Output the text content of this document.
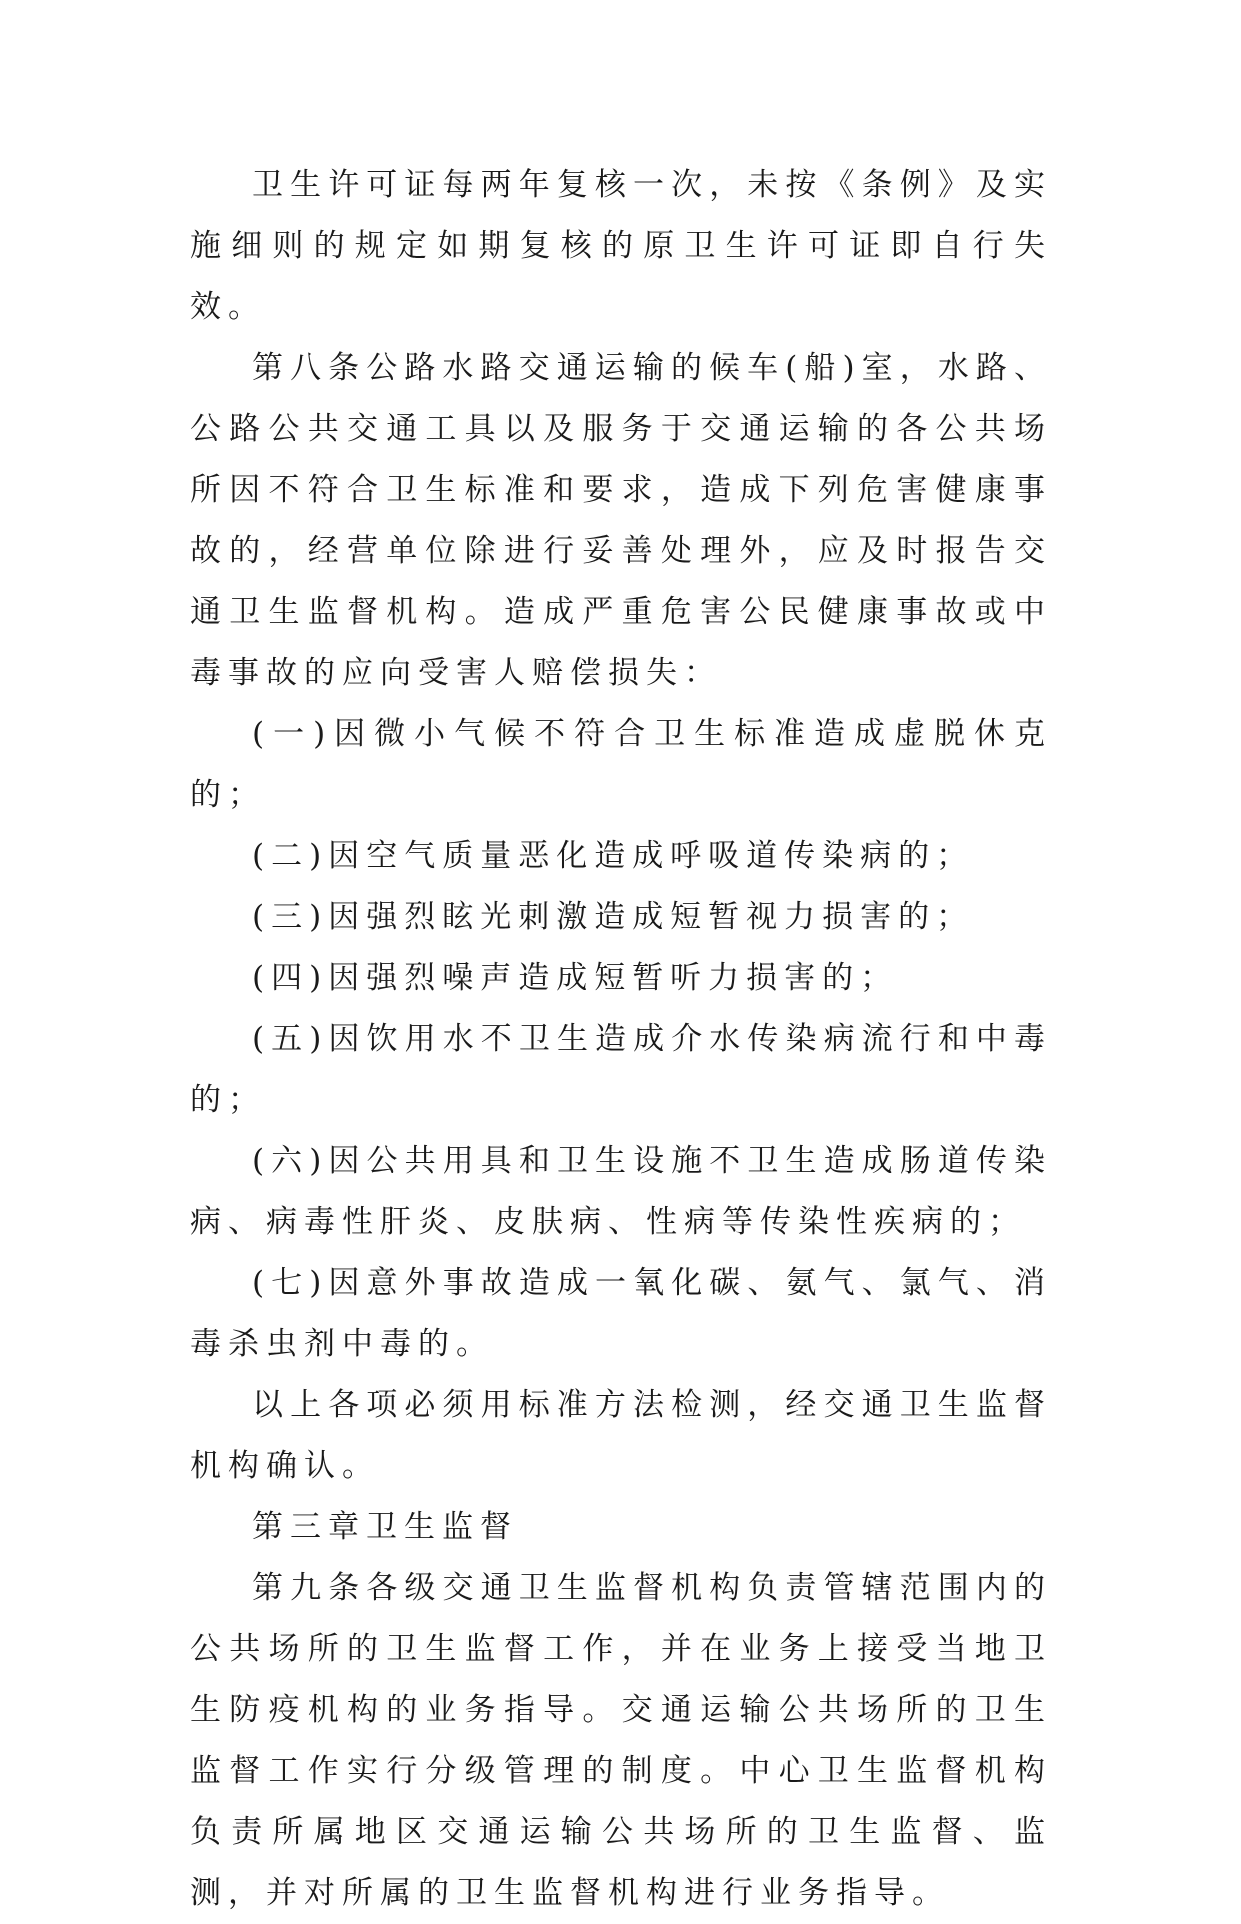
卫生许可证每两年复核一次，未按《条例》及实施细则的规定如期复核的原卫生许可证即自行失效。

第八条公路水路交通运输的候车(船)室，水路、公路公共交通工具以及服务于交通运输的各公共场所因不符合卫生标准和要求，造成下列危害健康事故的，经营单位除进行妥善处理外，应及时报告交通卫生监督机构。造成严重危害公民健康事故或中毒事故的应向受害人赔偿损失：

(一)因微小气候不符合卫生标准造成虚脱休克的；

(二)因空气质量恶化造成呼吸道传染病的；

(三)因强烈眩光刺激造成短暂视力损害的；

(四)因强烈噪声造成短暂听力损害的；

(五)因饮用水不卫生造成介水传染病流行和中毒的；

(六)因公共用具和卫生设施不卫生造成肠道传染病、病毒性肝炎、皮肤病、性病等传染性疾病的；

(七)因意外事故造成一氧化碳、氨气、氯气、消毒杀虫剂中毒的。

以上各项必须用标准方法检测，经交通卫生监督机构确认。

第三章卫生监督

第九条各级交通卫生监督机构负责管辖范围内的公共场所的卫生监督工作，并在业务上接受当地卫生防疫机构的业务指导。交通运输公共场所的卫生监督工作实行分级管理的制度。中心卫生监督机构负责所属地区交通运输公共场所的卫生监督、监测，并对所属的卫生监督机构进行业务指导。
